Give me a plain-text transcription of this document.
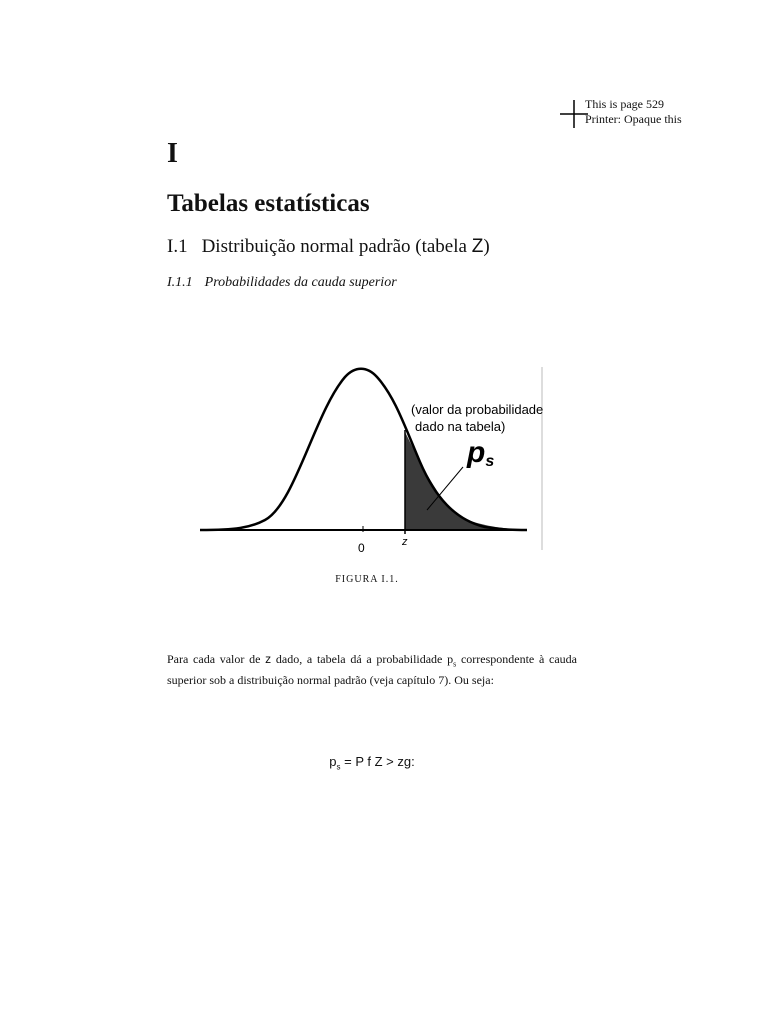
This is page 529
Printer: Opaque this
I
Tabelas estatísticas
I.1 Distribuição normal padrão (tabela Z)
I.1.1 Probabilidades da cauda superior
(valor da probabilidade
dado na tabela)
ps
0	z
FIGURA I.1.
Para cada valor de z dado, a tabela dá a probabilidade $p_s$ correspondente à cauda superior sob a distribuição normal padrão (veja capítulo 7). Ou seja:
$p_s = P$ f Z > zg:
